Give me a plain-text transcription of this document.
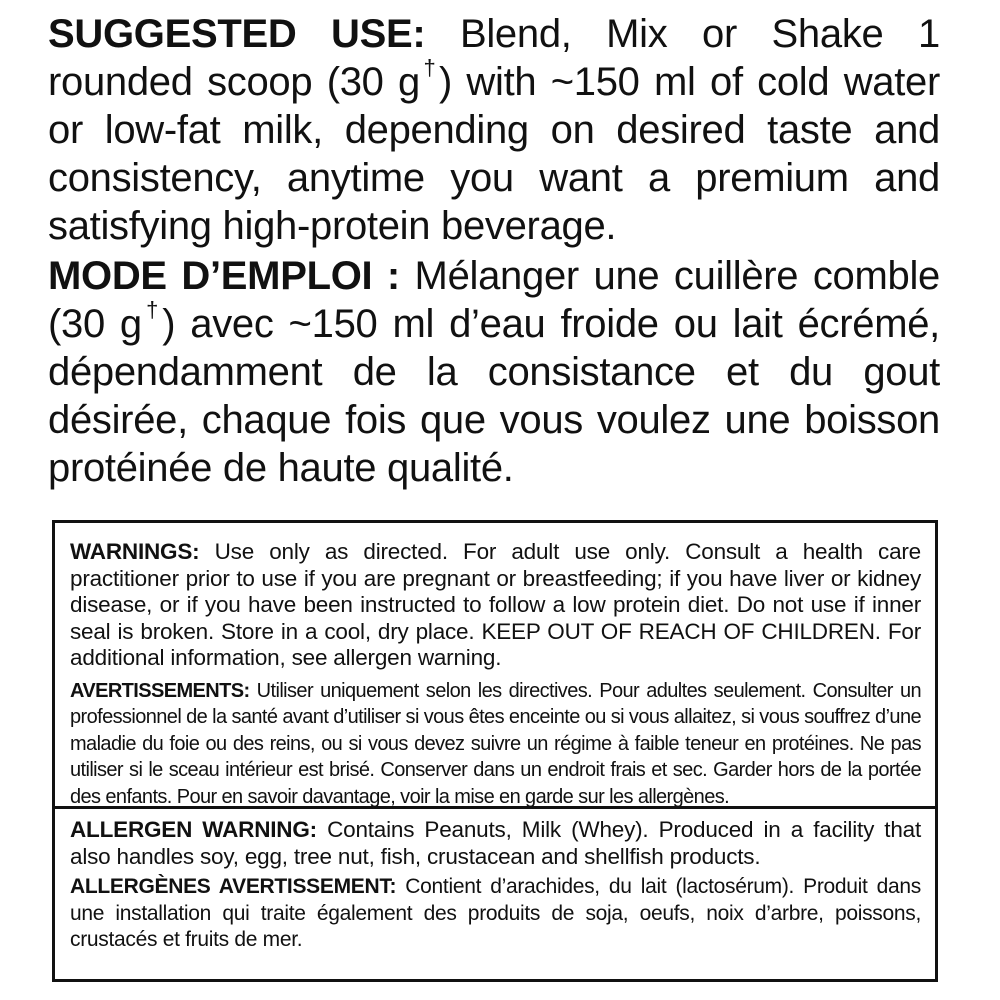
SUGGESTED USE: Blend, Mix or Shake 1 rounded scoop (30 g†) with ~150 ml of cold water or low-fat milk, depending on desired taste and consistency, anytime you want a premium and satisfying high-protein beverage.

MODE D’EMPLOI : Mélanger une cuillère comble (30 g†) avec ~150 ml d’eau froide ou lait écrémé, dépendamment de la consistance et du gout désirée, chaque fois que vous voulez une boisson protéinée de haute qualité.

WARNINGS: Use only as directed. For adult use only. Consult a health care practitioner prior to use if you are pregnant or breastfeeding; if you have liver or kidney disease, or if you have been instructed to follow a low protein diet. Do not use if inner seal is broken. Store in a cool, dry place. KEEP OUT OF REACH OF CHILDREN. For additional information, see allergen warning.

AVERTISSEMENTS: Utiliser uniquement selon les directives. Pour adultes seulement. Consulter un professionnel de la santé avant d’utiliser si vous êtes enceinte ou si vous allaitez, si vous souffrez d’une maladie du foie ou des reins, ou si vous devez suivre un régime à faible teneur en protéines. Ne pas utiliser si le sceau intérieur est brisé. Conserver dans un endroit frais et sec. Garder hors de la portée des enfants. Pour en savoir davantage, voir la mise en garde sur les allergènes.

ALLERGEN WARNING: Contains Peanuts, Milk (Whey). Produced in a facility that also handles soy, egg, tree nut, fish, crustacean and shellfish products.

ALLERGÈNES AVERTISSEMENT: Contient d’arachides, du lait (lactosérum). Produit dans une installation qui traite également des produits de soja, oeufs, noix d’arbre, poissons, crustacés et fruits de mer.
